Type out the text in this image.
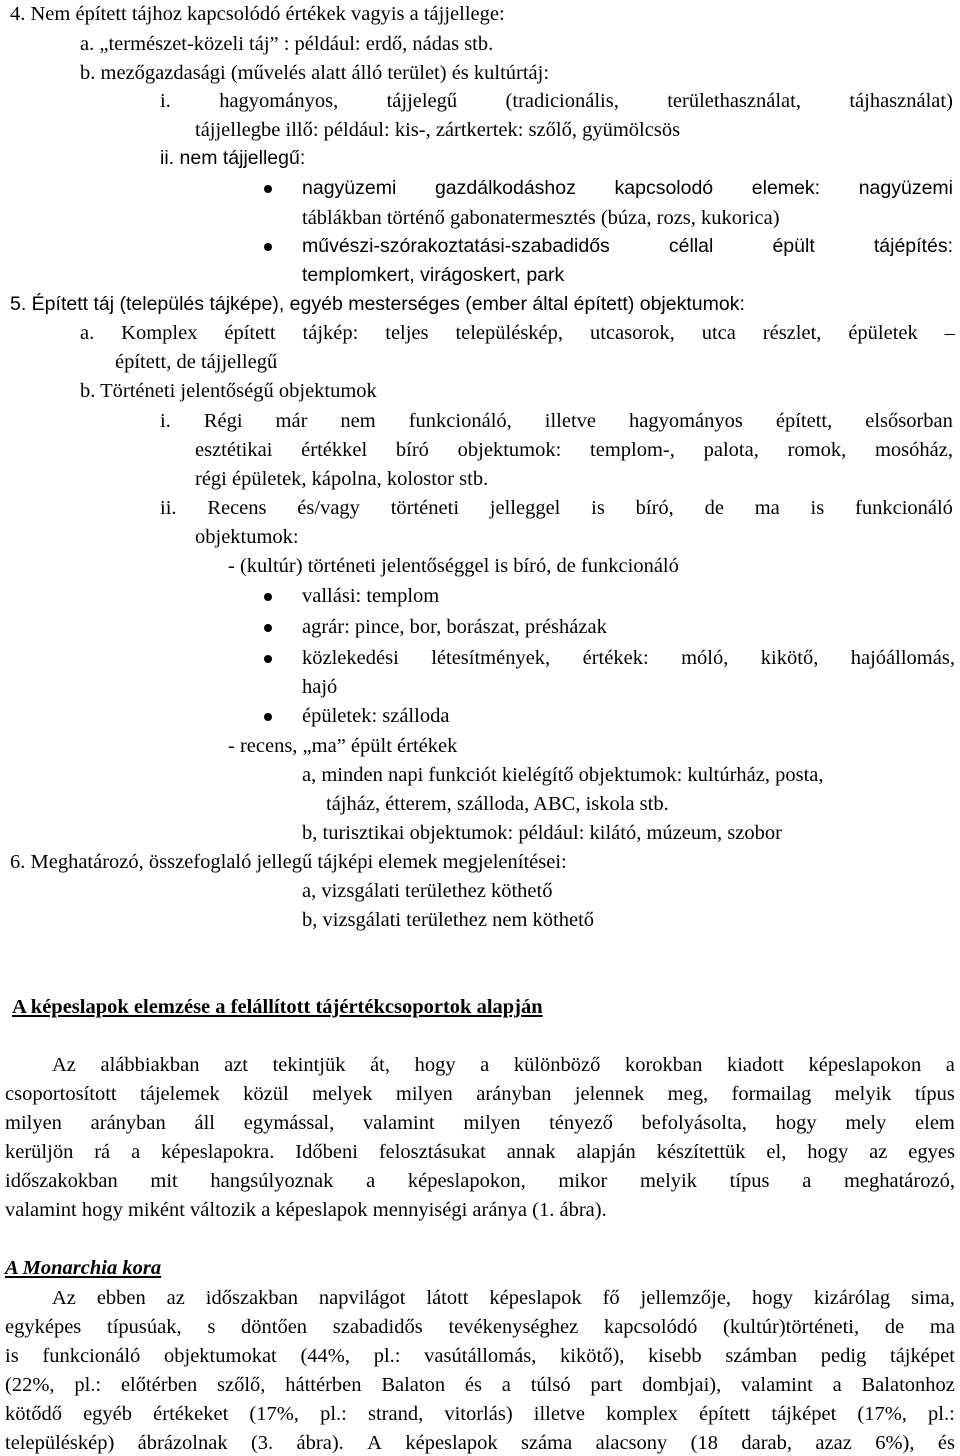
4. Nem épített tájhoz kapcsolódó értékek vagyis a tájjellege:
a. „természet-közeli táj” : például: erdő, nádas stb.
b. mezőgazdasági (művelés alatt álló terület) és kultúrtáj:
i. hagyományos, tájjelegű (tradicionális, területhasználat, tájhasználat)
tájjellegbe illő: például: kis-, zártkertek: szőlő, gyümölcsös
ii. nem tájjellegű:
nagyüzemi gazdálkodáshoz kapcsolodó elemek: nagyüzemi
táblákban történő gabonatermesztés (búza, rozs, kukorica)
művészi-szórakoztatási-szabadidős	céllal	épült	tájépítés:
templomkert, virágoskert, park
5. Épített táj (település tájképe), egyéb mesterséges (ember által épített) objektumok:
a. Komplex épített tájkép: teljes településkép, utcasorok, utca részlet, épületek –
épített, de tájjellegű
b. Történeti jelentőségű objektumok
i. Régi már nem funkcionáló, illetve hagyományos épített, elsősorban
esztétikai értékkel bíró objektumok: templom-, palota, romok, mosóház,
régi épületek, kápolna, kolostor stb.
ii. Recens és/vagy történeti jelleggel is bíró, de ma is funkcionáló
objektumok:
- (kultúr) történeti jelentőséggel is bíró, de funkcionáló
vallási: templom
agrár: pince, bor, borászat, présházak
közlekedési létesítmények, értékek: móló, kikötő, hajóállomás,
hajó
épületek: szálloda
- recens, „ma” épült értékek
a, minden napi funkciót kielégítő objektumok: kultúrház, posta,
tájház, étterem, szálloda, ABC, iskola stb.
b, turisztikai objektumok: például: kilátó, múzeum, szobor
6. Meghatározó, összefoglaló jellegű tájképi elemek megjelenítései:
a, vizsgálati területhez köthető
b, vizsgálati területhez nem köthető
A képeslapok elemzése a felállított tájértékcsoportok alapján
Az alábbiakban azt tekintjük át, hogy a különböző korokban kiadott képeslapokon a
csoportosított tájelemek közül melyek milyen arányban jelennek meg, formailag melyik típus
milyen arányban áll egymással, valamint milyen tényező befolyásolta, hogy mely elem
kerüljön rá a képeslapokra. Időbeni felosztásukat annak alapján készítettük el, hogy az egyes
időszakokban mit hangsúlyoznak a képeslapokon, mikor melyik típus a meghatározó,
valamint hogy miként változik a képeslapok mennyiségi aránya (1. ábra).
A Monarchia kora
Az ebben az időszakban napvilágot látott képeslapok fő jellemzője, hogy kizárólag sima,
egyképes típusúak, s döntően szabadidős tevékenységhez kapcsolódó (kultúr)történeti, de ma
is funkcionáló objektumokat (44%, pl.: vasútállomás, kikötő), kisebb számban pedig tájképet
(22%, pl.: előtérben szőlő, háttérben Balaton és a túlsó part dombjai), valamint a Balatonhoz
kötődő egyéb értékeket (17%, pl.: strand, vitorlás) illetve komplex épített tájképet (17%, pl.:
településkép) ábrázolnak (3. ábra). A képeslapok száma alacsony (18 darab, azaz 6%), és
